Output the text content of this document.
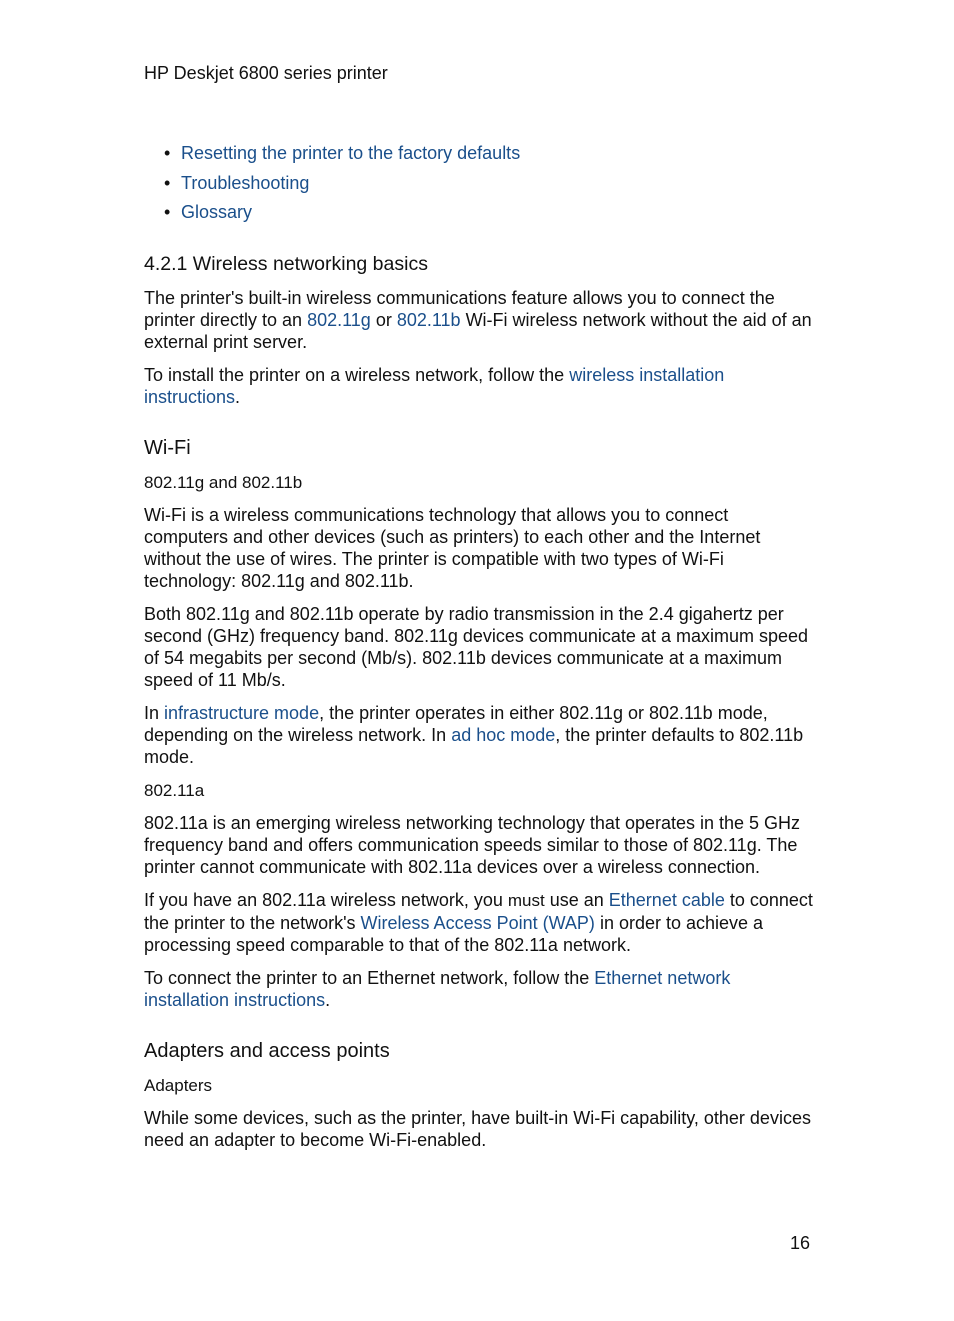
HP Deskjet 6800 series printer
• Resetting the printer to the factory defaults
• Troubleshooting
• Glossary
4.2.1 Wireless networking basics

The printer's built-in wireless communications feature allows you to connect the printer directly to an 802.11g or 802.11b Wi-Fi wireless network without the aid of an external print server.

To install the printer on a wireless network, follow the wireless installation instructions.

Wi-Fi
802.11g and 802.11b

Wi-Fi is a wireless communications technology that allows you to connect computers and other devices (such as printers) to each other and the Internet without the use of wires. The printer is compatible with two types of Wi-Fi technology: 802.11g and 802.11b.

Both 802.11g and 802.11b operate by radio transmission in the 2.4 gigahertz per second (GHz) frequency band. 802.11g devices communicate at a maximum speed of 54 megabits per second (Mb/s). 802.11b devices communicate at a maximum speed of 11 Mb/s.

In infrastructure mode, the printer operates in either 802.11g or 802.11b mode, depending on the wireless network. In ad hoc mode, the printer defaults to 802.11b mode.

802.11a

802.11a is an emerging wireless networking technology that operates in the 5 GHz frequency band and offers communication speeds similar to those of 802.11g. The printer cannot communicate with 802.11a devices over a wireless connection.

If you have an 802.11a wireless network, you must use an Ethernet cable to connect the printer to the network's Wireless Access Point (WAP) in order to achieve a processing speed comparable to that of the 802.11a network.

To connect the printer to an Ethernet network, follow the Ethernet network installation instructions.

Adapters and access points
Adapters

While some devices, such as the printer, have built-in Wi-Fi capability, other devices need an adapter to become Wi-Fi-enabled.

16
